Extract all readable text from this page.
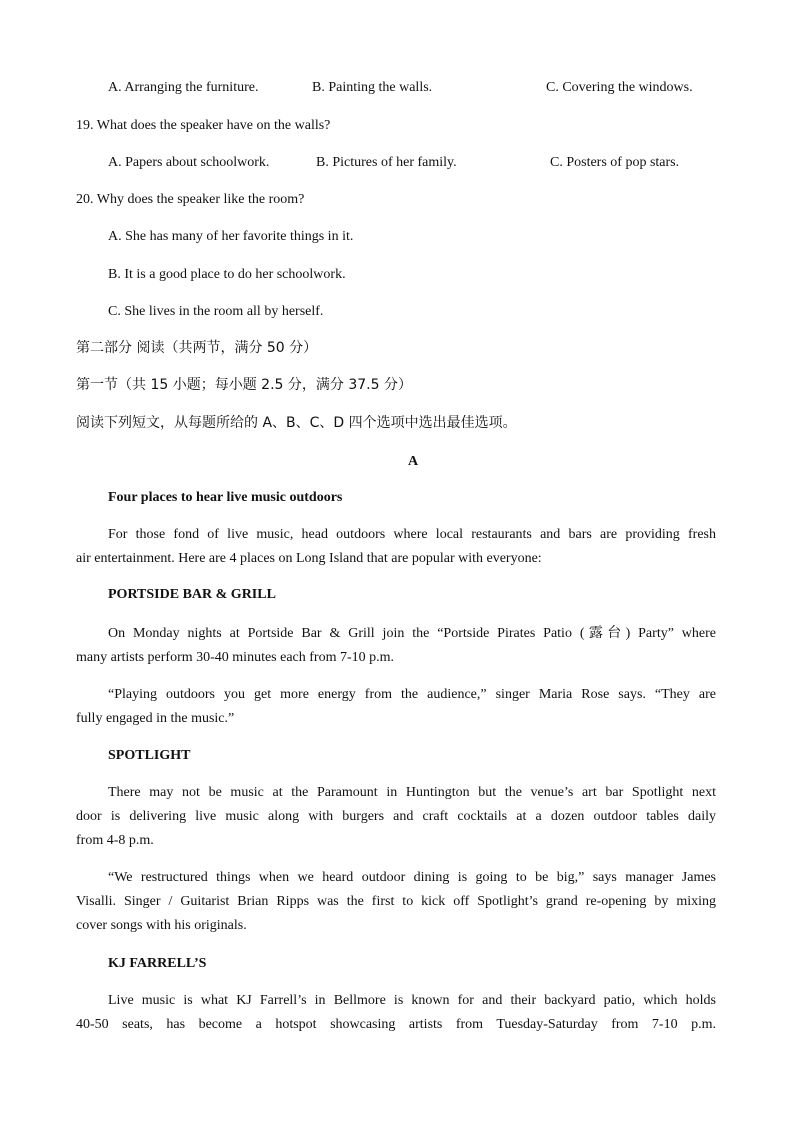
A. Arranging the furniture.	B. Painting the walls.	C. Covering the windows.
19. What does the speaker have on the walls?
A. Papers about schoolwork.	B. Pictures of her family.	C. Posters of pop stars.
20. Why does the speaker like the room?
A. She has many of her favorite things in it.
B. It is a good place to do her schoolwork.
C. She lives in the room all by herself.
第二部分 阅读（共两节，满分 50 分）
第一节（共 15 小题；每小题 2.5 分，满分 37.5 分）
阅读下列短文，从每题所给的 A、B、C、D 四个选项中选出最佳选项。
A
Four places to hear live music outdoors
For those fond of live music, head outdoors where local restaurants and bars are providing fresh
air entertainment. Here are 4 places on Long Island that are popular with everyone:
PORTSIDE BAR & GRILL
On Monday nights at Portside Bar & Grill join the “Portside Pirates Patio (露台) Party” where
many artists perform 30-40 minutes each from 7-10 p.m.
“Playing outdoors you get more energy from the audience,” singer Maria Rose says. “They are
fully engaged in the music.”
SPOTLIGHT
There may not be music at the Paramount in Huntington but the venue’s art bar Spotlight next
door is delivering live music along with burgers and craft cocktails at a dozen outdoor tables daily
from 4-8 p.m.
“We restructured things when we heard outdoor dining is going to be big,” says manager James
Visalli. Singer / Guitarist Brian Ripps was the first to kick off Spotlight’s grand re-opening by mixing
cover songs with his originals.
KJ FARRELL’S
Live music is what KJ Farrell’s in Bellmore is known for and their backyard patio, which holds
40-50 seats, has become a hotspot showcasing artists from Tuesday-Saturday from 7-10 p.m.
